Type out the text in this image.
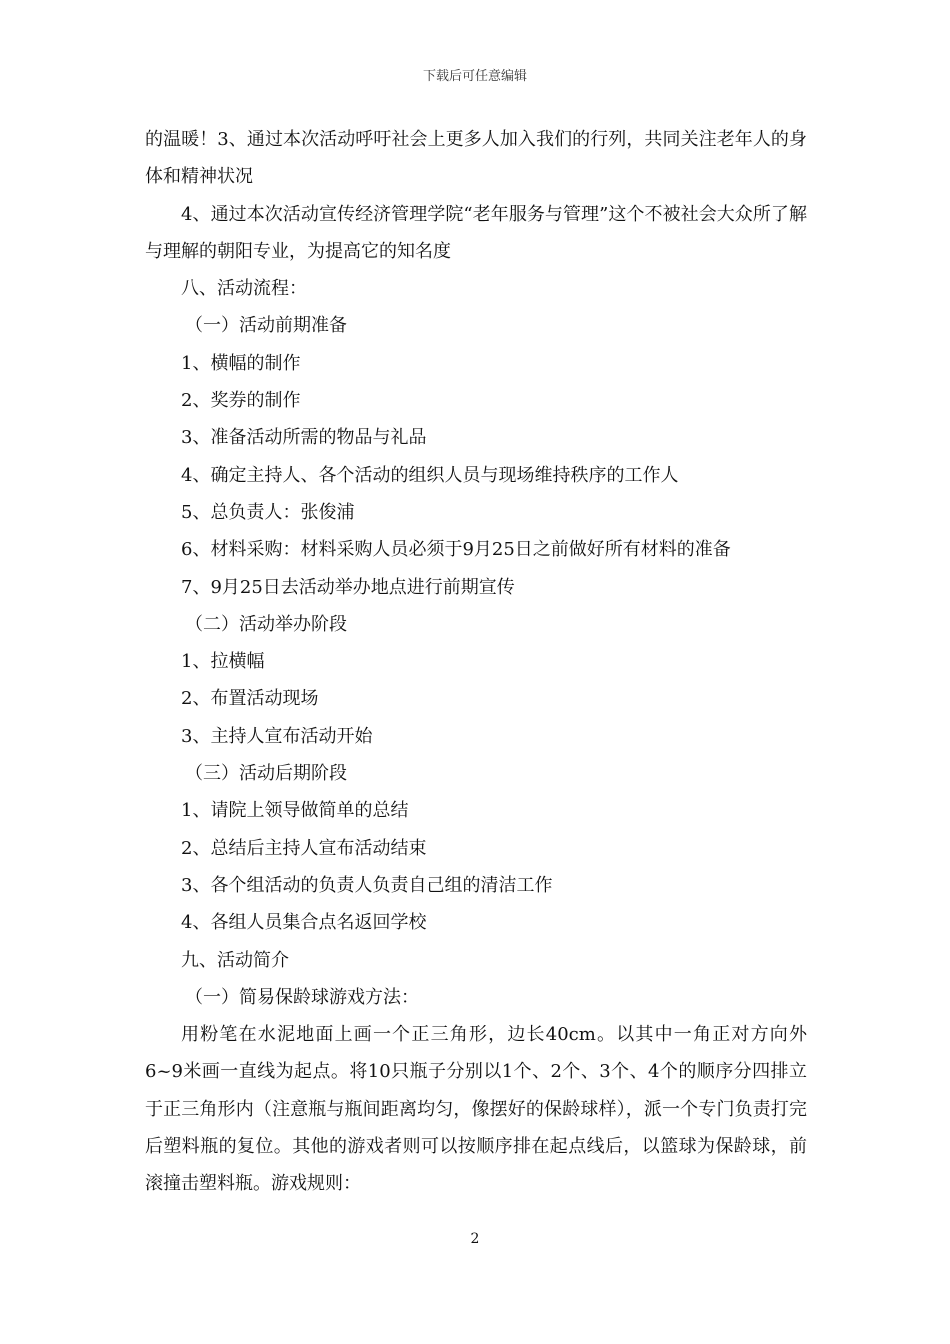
下载后可任意编辑

的温暖！3、通过本次活动呼吁社会上更多人加入我们的行列，共同关注老年人的身体和精神状况

4、通过本次活动宣传经济管理学院“老年服务与管理”这个不被社会大众所了解与理解的朝阳专业，为提高它的知名度

八、活动流程：

（一）活动前期准备

1、横幅的制作

2、奖券的制作

3、准备活动所需的物品与礼品

4、确定主持人、各个活动的组织人员与现场维持秩序的工作人

5、总负责人：张俊浦

6、材料采购：材料采购人员必须于9月25日之前做好所有材料的准备

7、9月25日去活动举办地点进行前期宣传

（二）活动举办阶段

1、拉横幅

2、布置活动现场

3、主持人宣布活动开始

（三）活动后期阶段

1、请院上领导做简单的总结

2、总结后主持人宣布活动结束

3、各个组活动的负责人负责自己组的清洁工作

4、各组人员集合点名返回学校

九、活动简介

（一）简易保龄球游戏方法：

用粉笔在水泥地面上画一个正三角形，边长40cm。以其中一角正对方向外6~9米画一直线为起点。将10只瓶子分别以1个、2个、3个、4个的顺序分四排立于正三角形内（注意瓶与瓶间距离均匀，像摆好的保龄球样），派一个专门负责打完后塑料瓶的复位。其他的游戏者则可以按顺序排在起点线后，以篮球为保龄球，前滚撞击塑料瓶。游戏规则：

2
